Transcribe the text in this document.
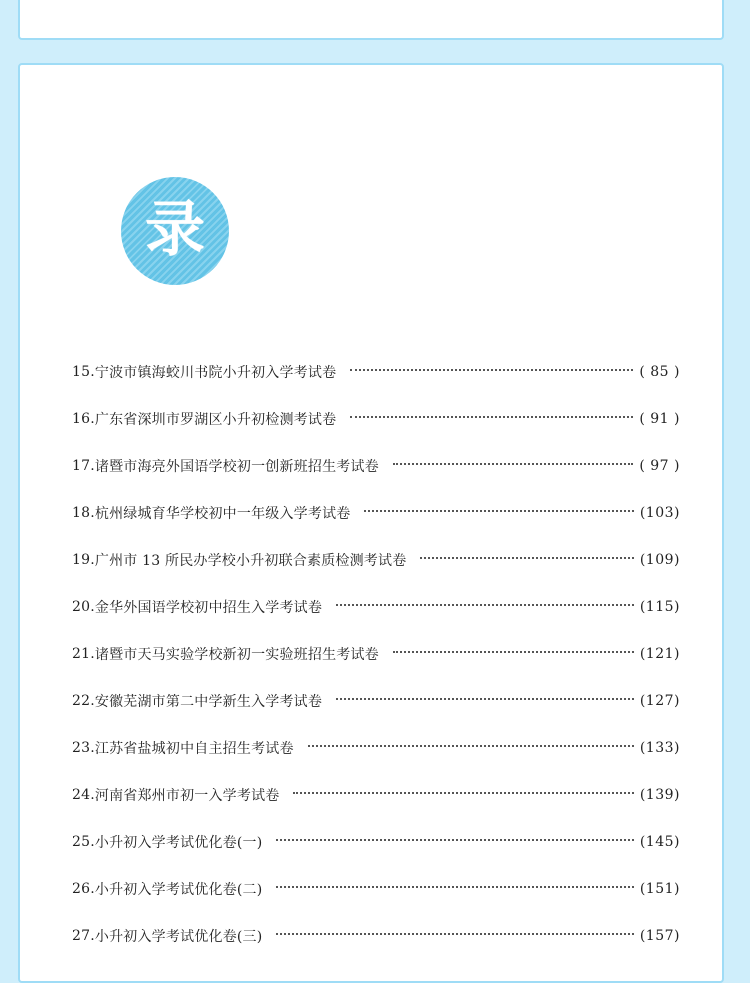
录
15. 宁波市镇海蛟川书院小升初入学考试卷	( 85 )
16. 广东省深圳市罗湖区小升初检测考试卷	( 91 )
17. 诸暨市海亮外国语学校初一创新班招生考试卷	( 97 )
18. 杭州绿城育华学校初中一年级入学考试卷	(103)
19. 广州市 13 所民办学校小升初联合素质检测考试卷	(109)
20. 金华外国语学校初中招生入学考试卷	(115)
21. 诸暨市天马实验学校新初一实验班招生考试卷	(121)
22. 安徽芜湖市第二中学新生入学考试卷	(127)
23. 江苏省盐城初中自主招生考试卷	(133)
24. 河南省郑州市初一入学考试卷	(139)
25. 小升初入学考试优化卷(一)	(145)
26. 小升初入学考试优化卷(二)	(151)
27. 小升初入学考试优化卷(三)	(157)
